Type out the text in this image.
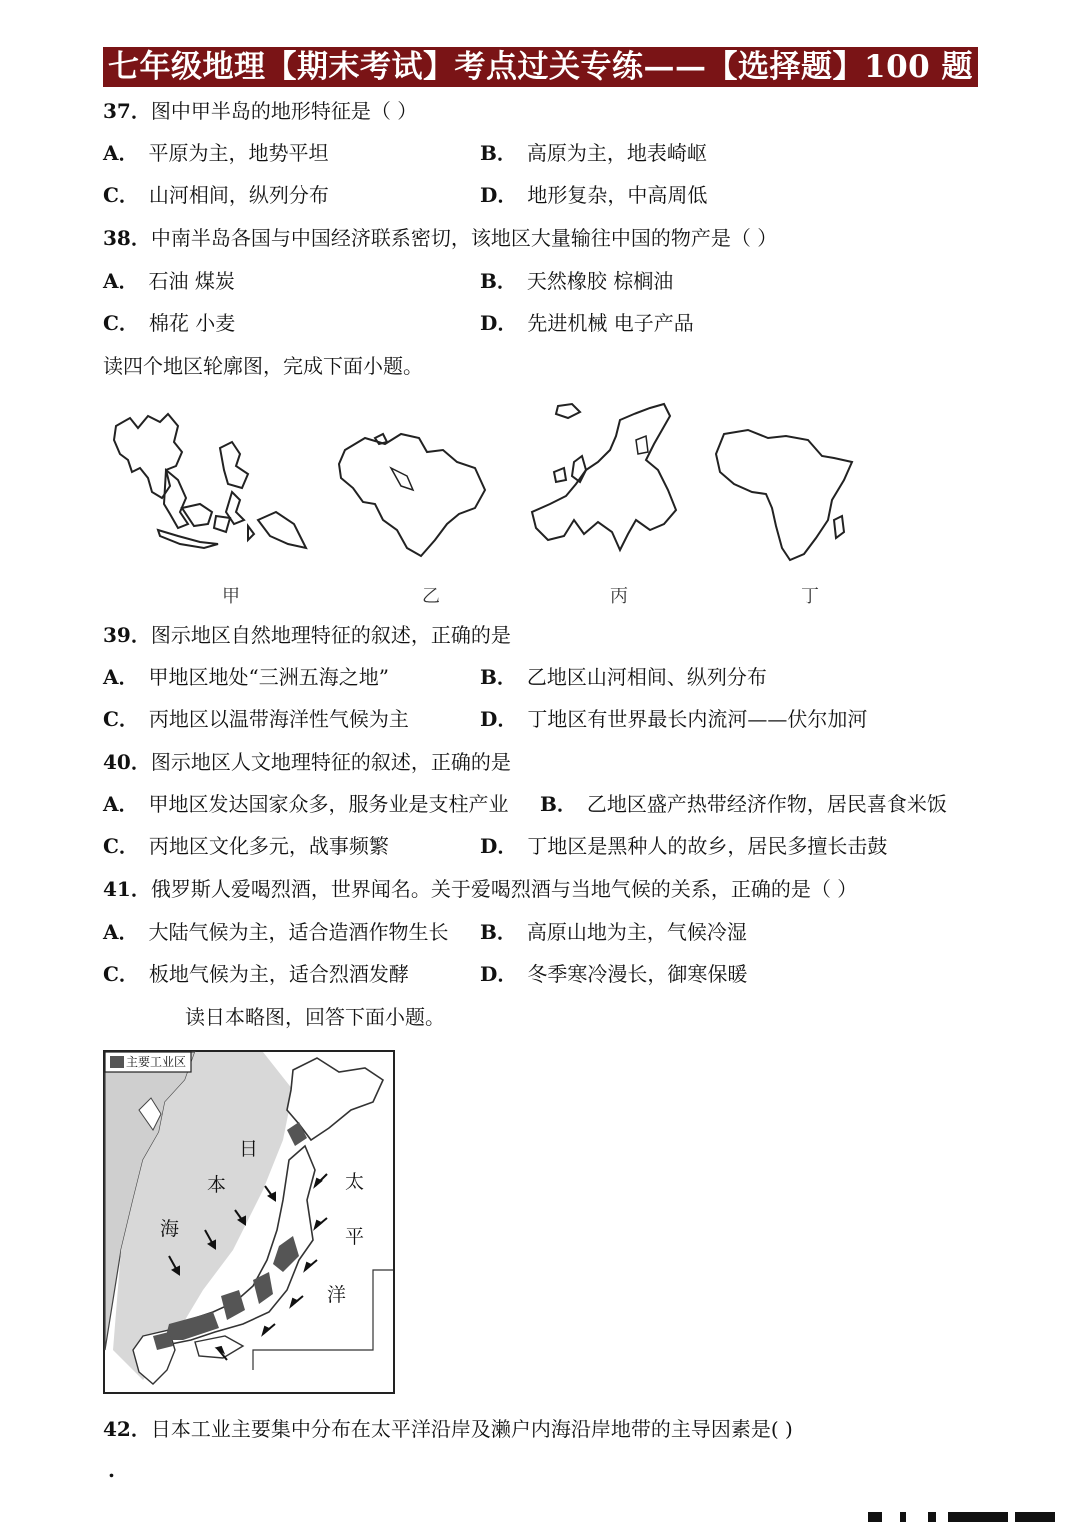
七年级地理【期末考试】考点过关专练——【选择题】100 题
37．图中甲半岛的地形特征是（ ）
A． 平原为主，地势平坦	B． 高原为主，地表崎岖
C． 山河相间，纵列分布	D． 地形复杂，中高周低
38．中南半岛各国与中国经济联系密切，该地区大量输往中国的物产是（ ）
A． 石油 煤炭	B． 天然橡胶 棕榈油
C． 棉花 小麦	D． 先进机械 电子产品
读四个地区轮廓图，完成下面小题。
甲	乙	丙	丁
39．图示地区自然地理特征的叙述，正确的是
A． 甲地区地处“三洲五海之地”	B． 乙地区山河相间、纵列分布
C． 丙地区以温带海洋性气候为主	D． 丁地区有世界最长内流河——伏尔加河
40．图示地区人文地理特征的叙述，正确的是
A． 甲地区发达国家众多，服务业是支柱产业 B． 乙地区盛产热带经济作物，居民喜食米饭
C． 丙地区文化多元，战事频繁	D． 丁地区是黑种人的故乡，居民多擅长击鼓
41．俄罗斯人爱喝烈酒，世界闻名。关于爱喝烈酒与当地气候的关系，正确的是（ ）
A． 大陆气候为主，适合造酒作物生长 B． 高原山地为主，气候冷湿
C． 板地气候为主，适合烈酒发酵	D． 冬季寒冷漫长，御寒保暖
读日本略图，回答下面小题。
主要工业区
日
本
海
太
平
洋
42．日本工业主要集中分布在太平洋沿岸及濑户内海沿岸地带的主导因素是( )
.
